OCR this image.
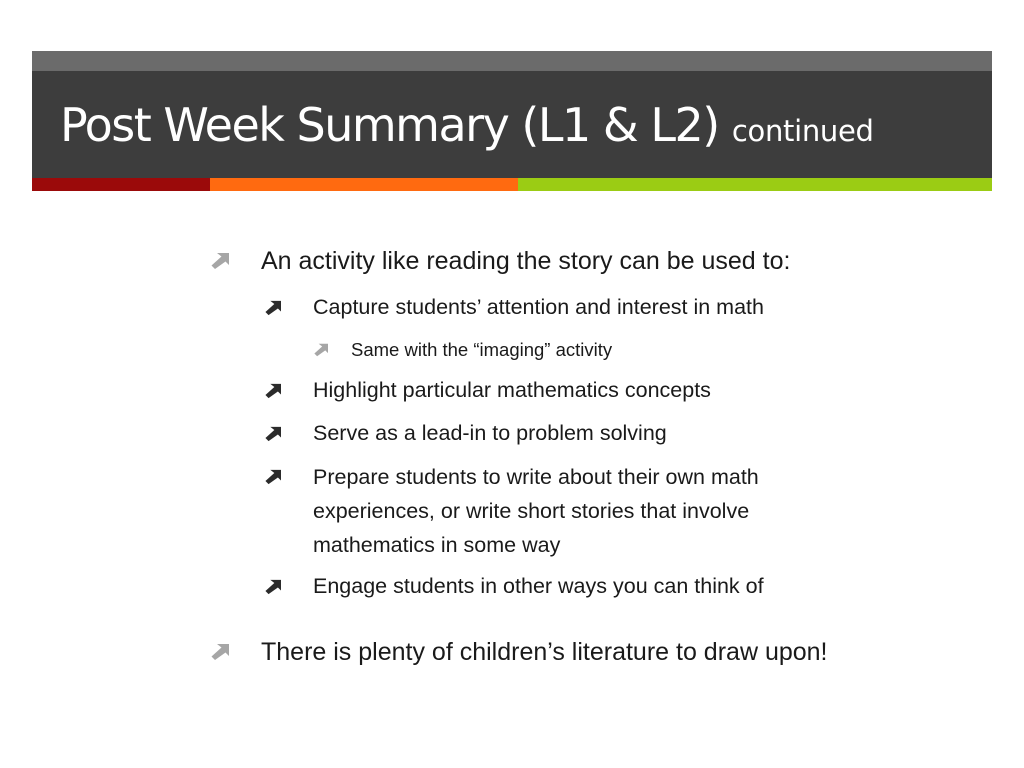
Post Week Summary (L1 & L2) continued
An activity like reading the story can be used to:
Capture students’ attention and interest in math
Same with the “imaging” activity
Highlight particular mathematics concepts
Serve as a lead-in to problem solving
Prepare students to write about their own math experiences, or write short stories that involve mathematics in some way
Engage students in other ways you can think of
There is plenty of children’s literature to draw upon!
